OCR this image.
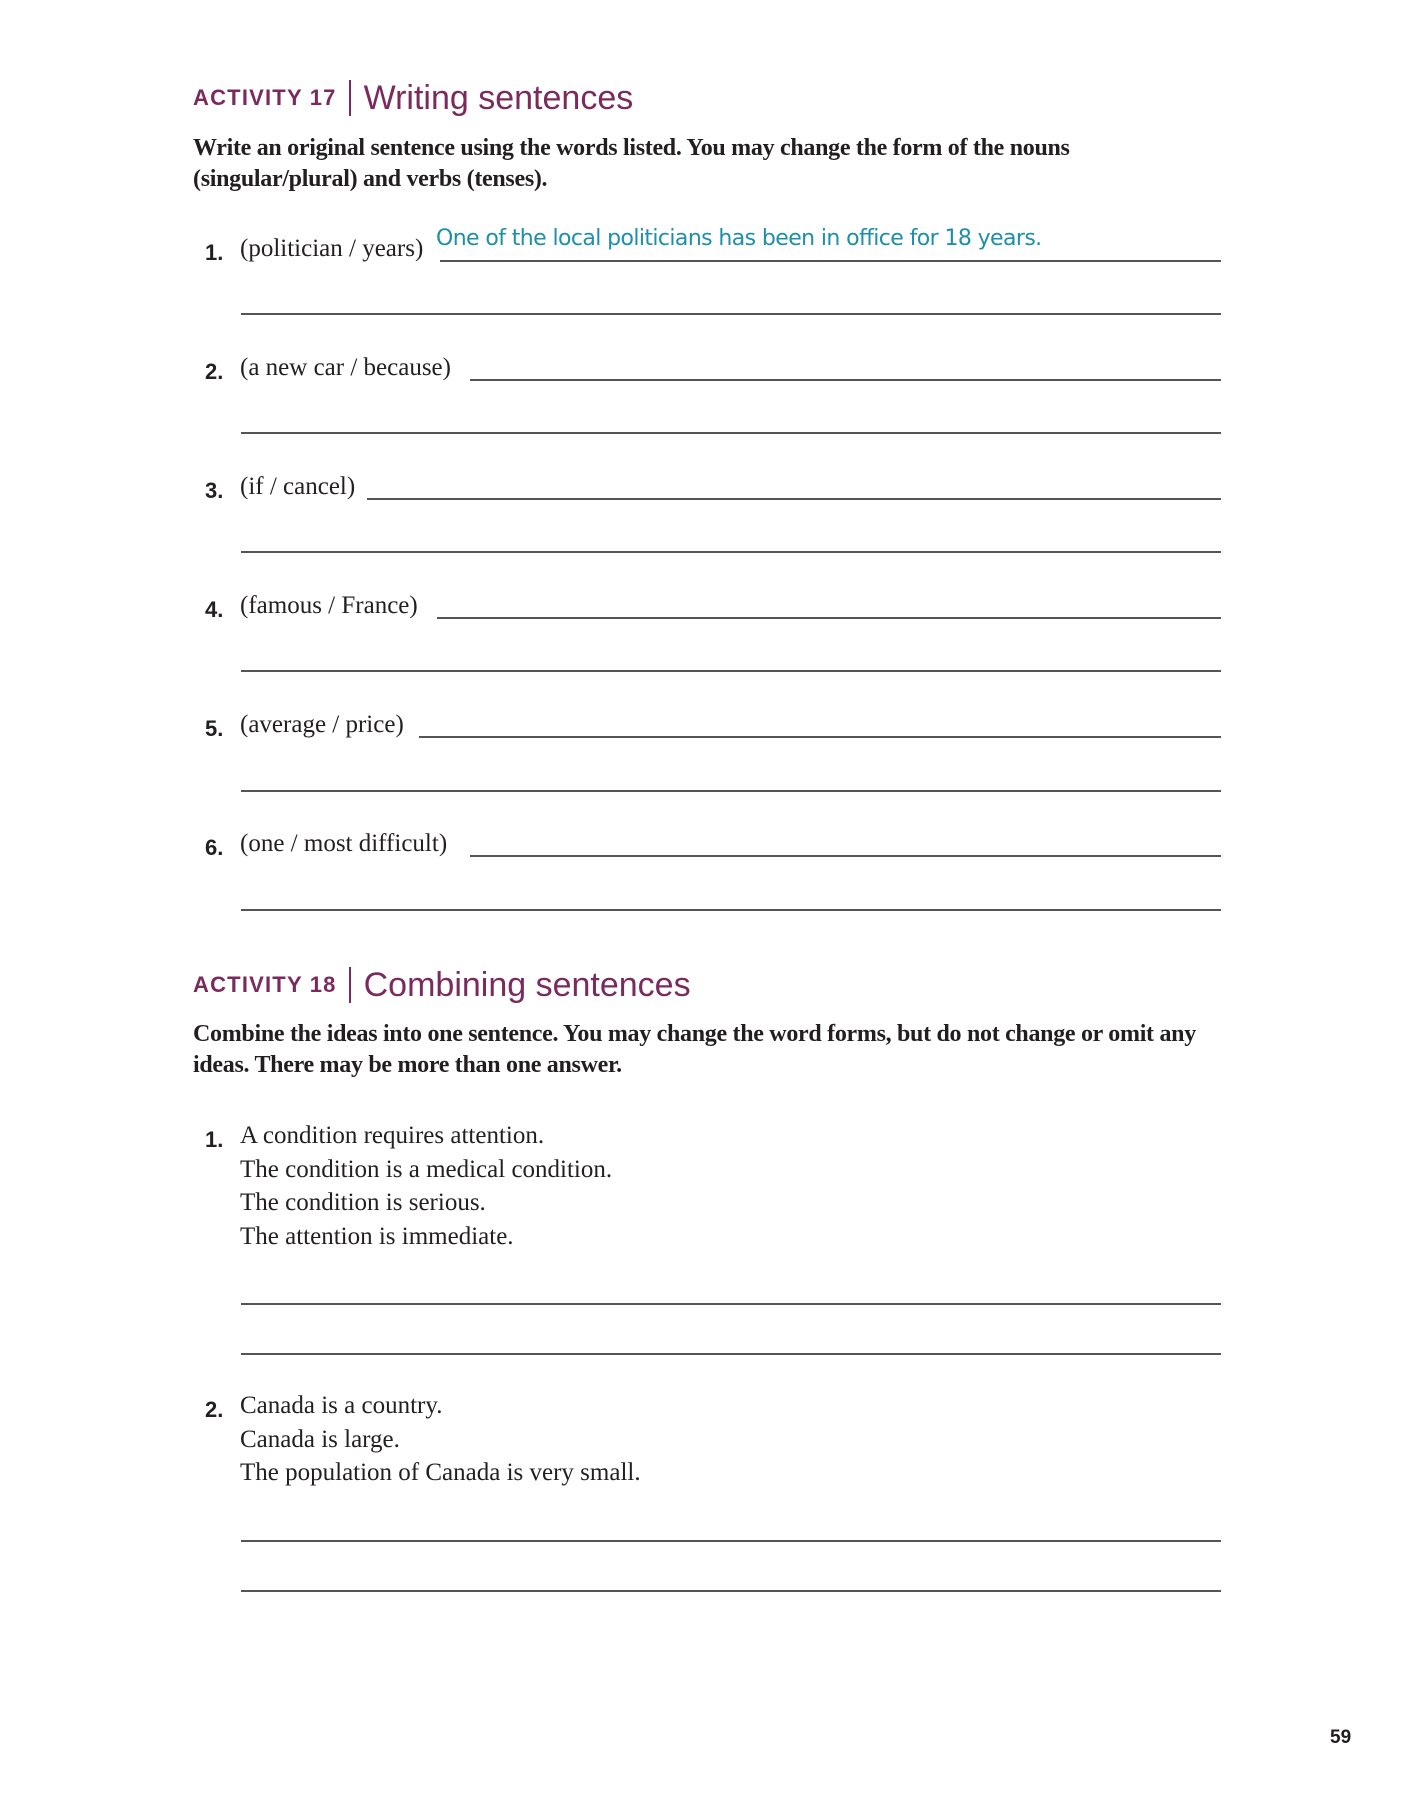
ACTIVITY 17 Writing sentences
Write an original sentence using the words listed. You may change the form of the nouns (singular/plural) and verbs (tenses).
1. (politician / years) One of the local politicians has been in office for 18 years.
2. (a new car / because)
3. (if / cancel)
4. (famous / France)
5. (average / price)
6. (one / most difficult)
ACTIVITY 18 Combining sentences
Combine the ideas into one sentence. You may change the word forms, but do not change or omit any ideas. There may be more than one answer.
1. A condition requires attention.
The condition is a medical condition.
The condition is serious.
The attention is immediate.
2. Canada is a country.
Canada is large.
The population of Canada is very small.
59
